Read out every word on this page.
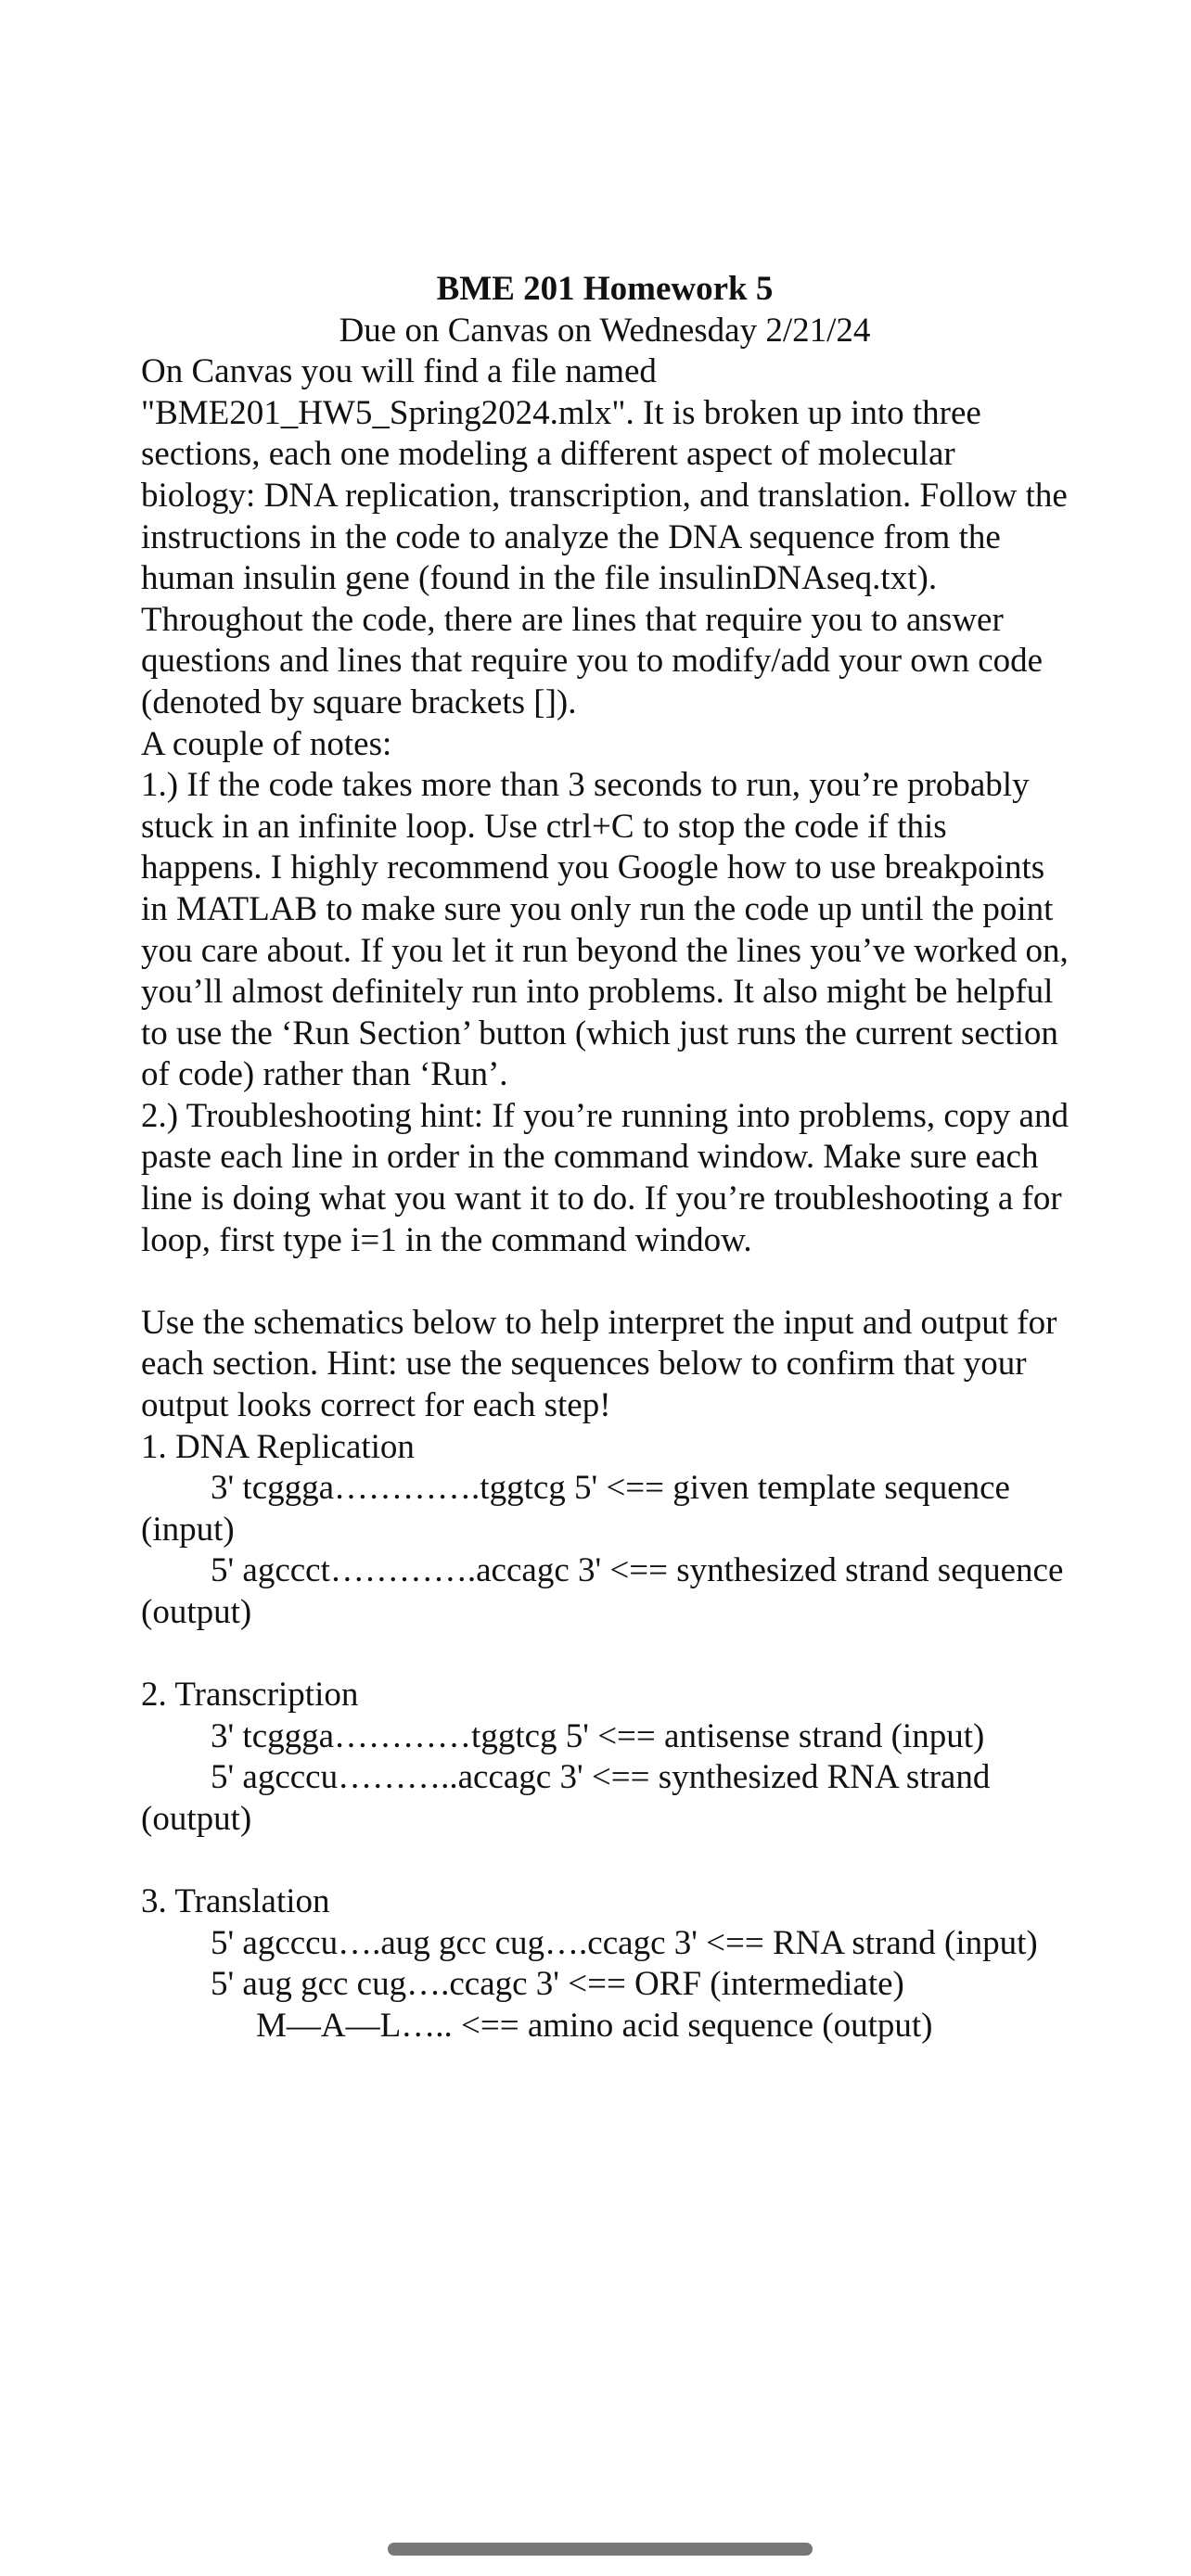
BME 201 Homework 5

Due on Canvas on Wednesday 2/21/24

On Canvas you will find a file named "BME201_HW5_Spring2024.mlx". It is broken up into three sections, each one modeling a different aspect of molecular biology: DNA replication, transcription, and translation. Follow the instructions in the code to analyze the DNA sequence from the human insulin gene (found in the file insulinDNAseq.txt). Throughout the code, there are lines that require you to answer questions and lines that require you to modify/add your own code (denoted by square brackets []).

A couple of notes:

1.) If the code takes more than 3 seconds to run, you’re probably stuck in an infinite loop. Use ctrl+C to stop the code if this happens. I highly recommend you Google how to use breakpoints in MATLAB to make sure you only run the code up until the point you care about. If you let it run beyond the lines you’ve worked on, you’ll almost definitely run into problems. It also might be helpful to use the ‘Run Section’ button (which just runs the current section of code) rather than ‘Run’.

2.) Troubleshooting hint: If you’re running into problems, copy and paste each line in order in the command window. Make sure each line is doing what you want it to do. If you’re troubleshooting a for loop, first type i=1 in the command window.

Use the schematics below to help interpret the input and output for each section. Hint: use the sequences below to confirm that your output looks correct for each step!

1. DNA Replication

3' tcggga………….tggtcg 5' <== given template sequence (input)

5' agccct………….accagc 3' <== synthesized strand sequence (output)

2. Transcription

3' tcggga…………tggtcg 5' <== antisense strand (input)

5' agcccu………..accagc 3' <== synthesized RNA strand (output)

3. Translation

5' agcccu….aug gcc cug….ccagc 3' <== RNA strand (input)

5' aug gcc cug….ccagc 3' <== ORF (intermediate)

M—A—L….. <== amino acid sequence (output)
